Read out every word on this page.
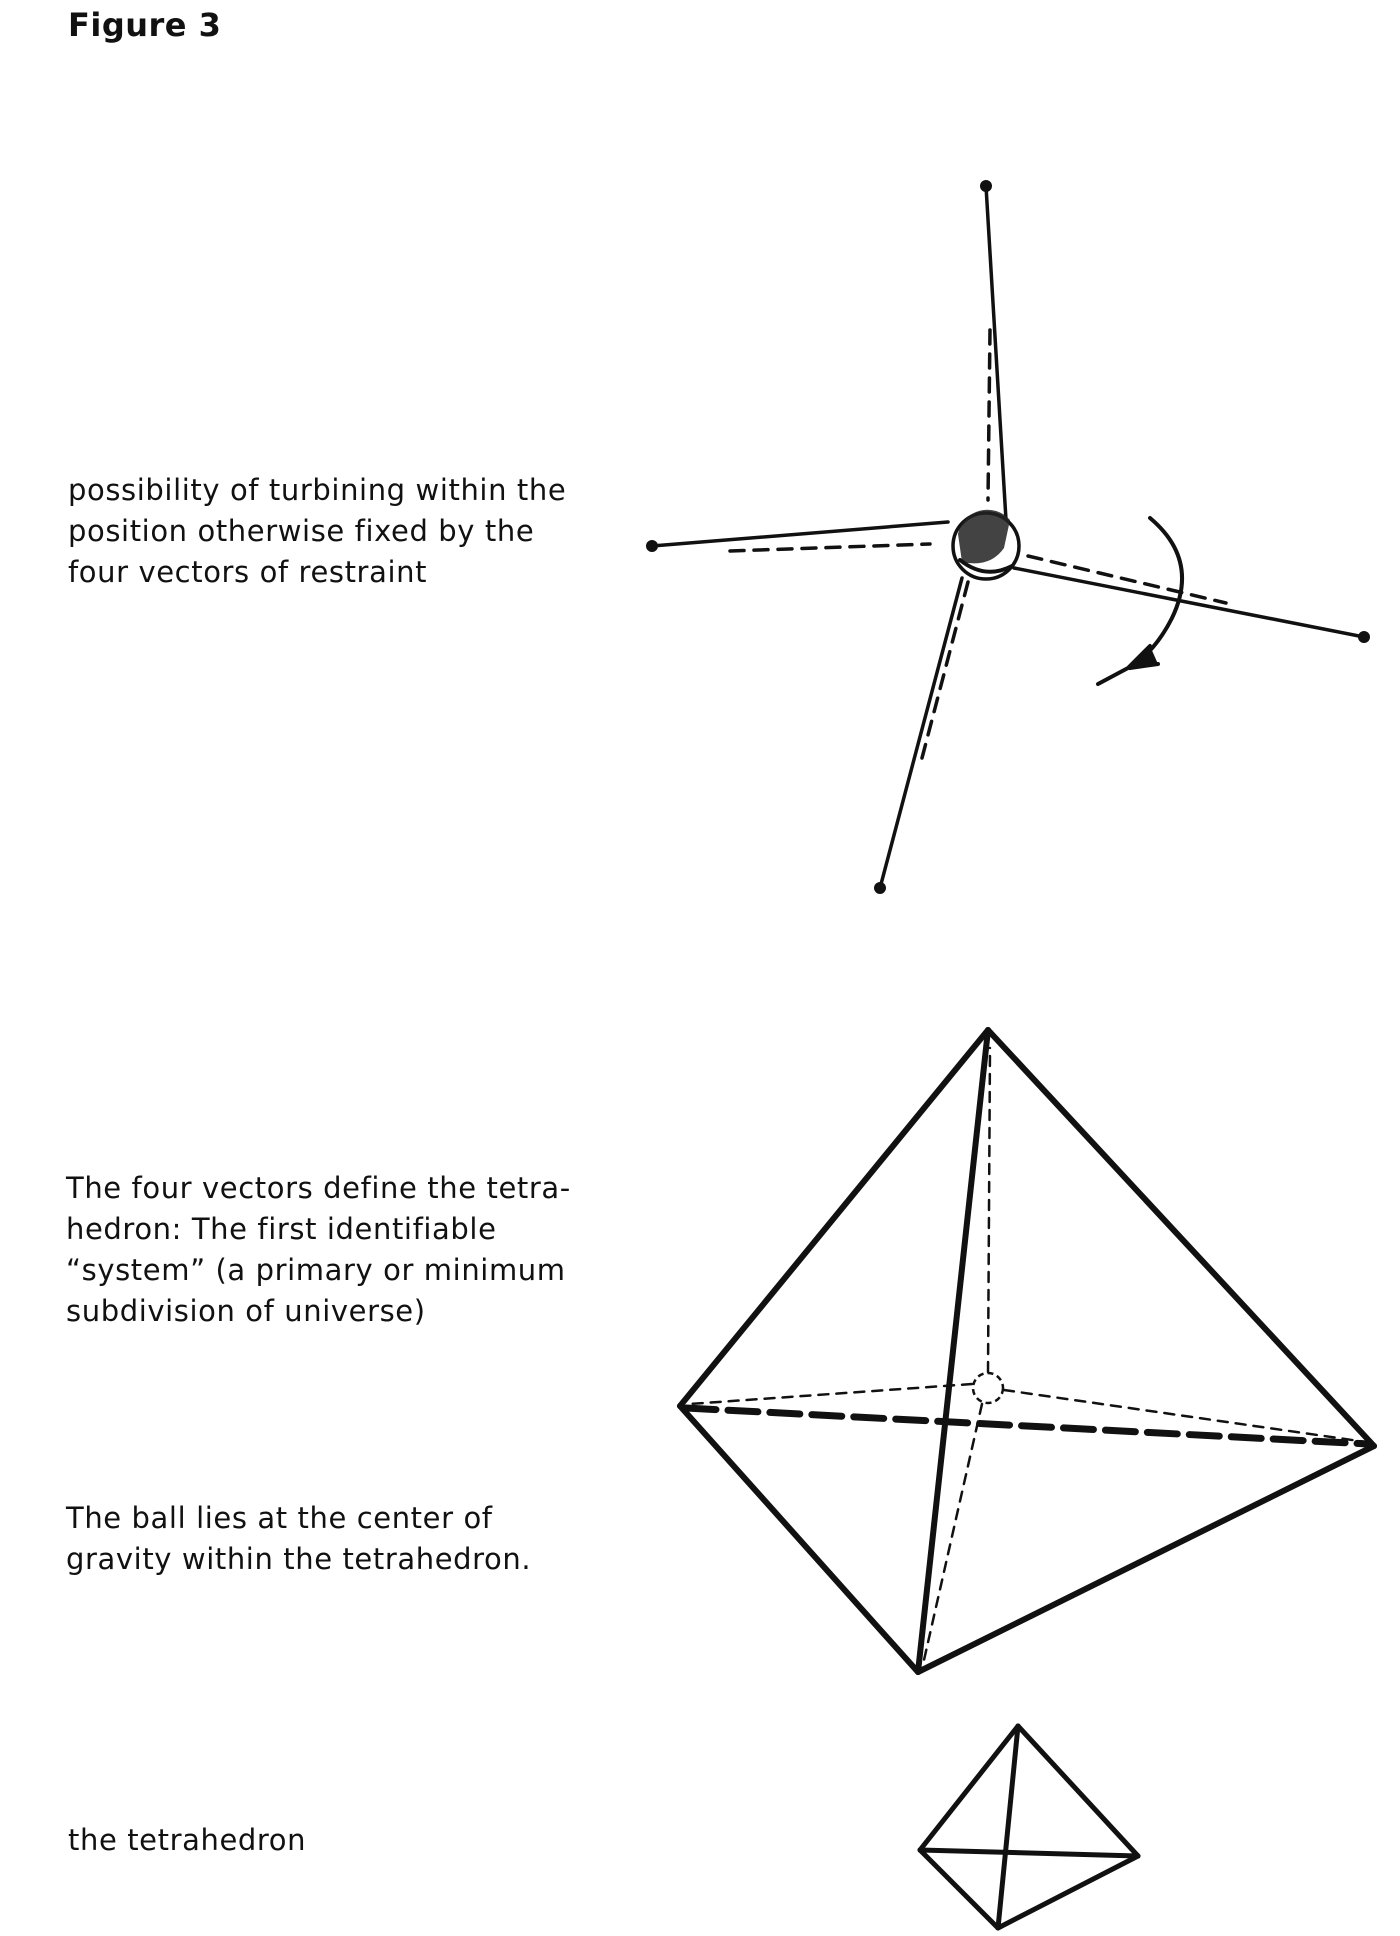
Figure 3

possibility of turbining within the
position otherwise fixed by the
four vectors of restraint

The four vectors define the tetra-
hedron: The first identifiable
“system” (a primary or minimum
subdivision of universe)

The ball lies at the center of
gravity within the tetrahedron.

the tetrahedron
